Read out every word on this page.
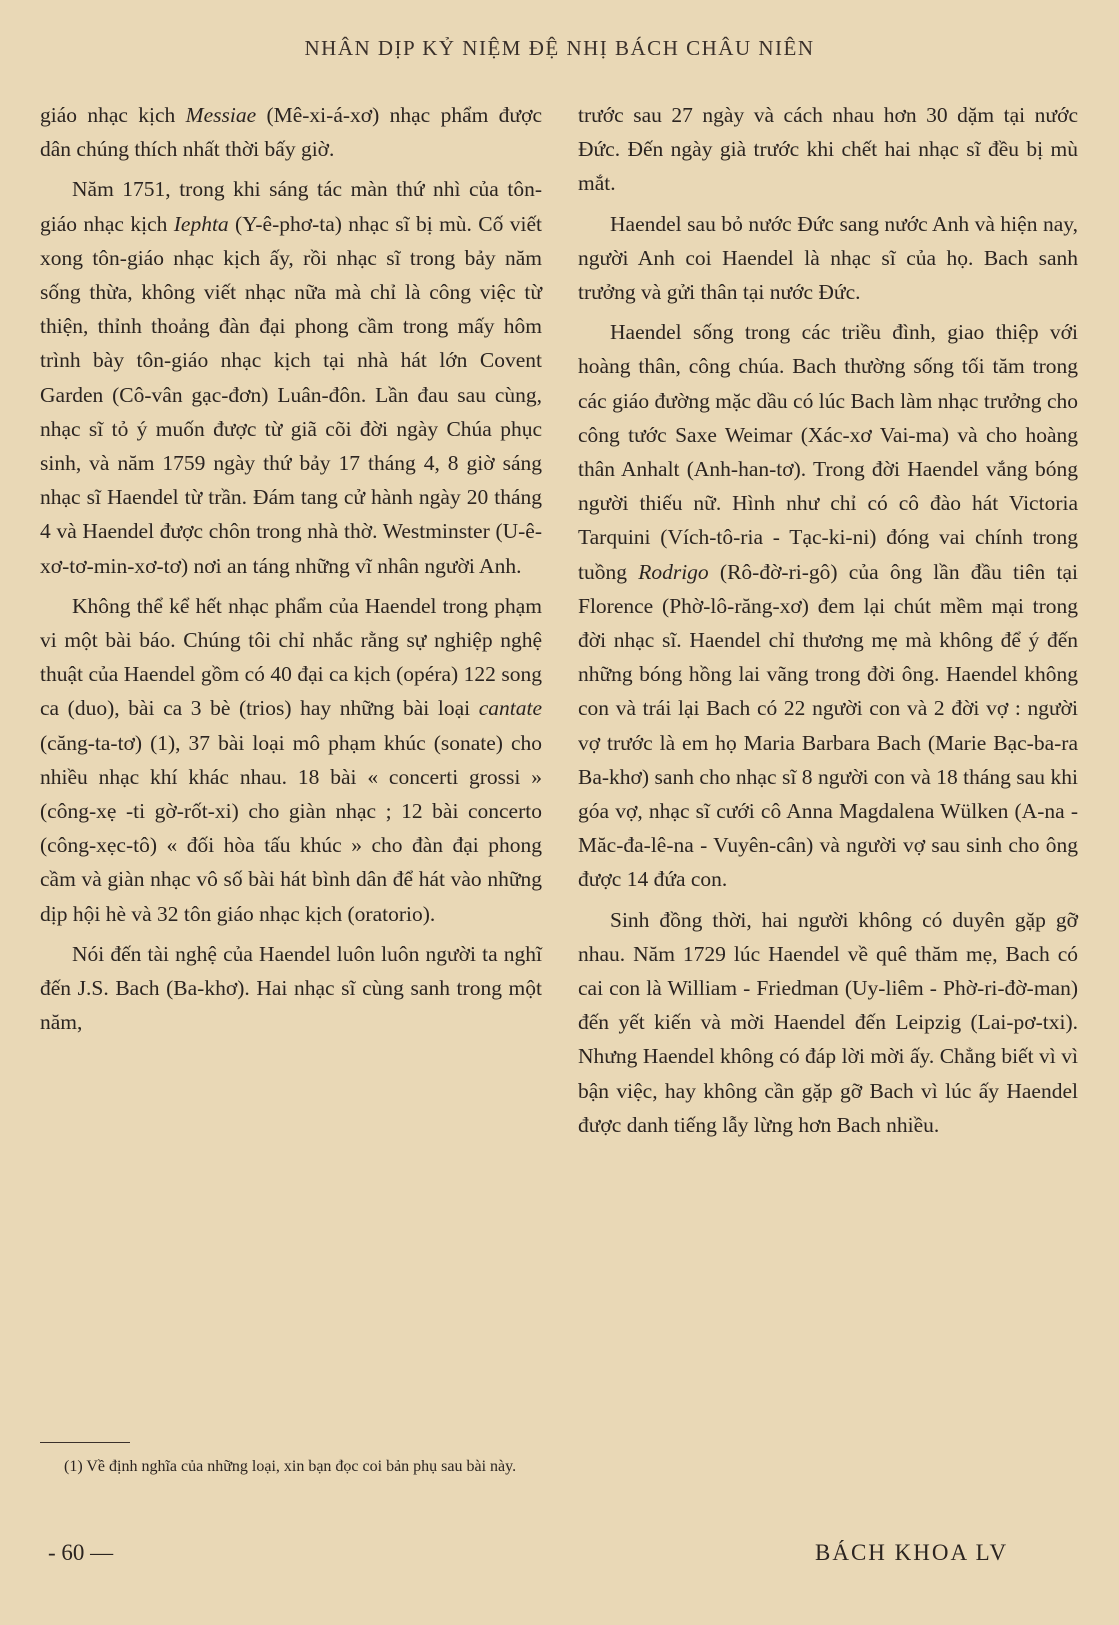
NHÂN DỊP KỶ NIỆM ĐỆ NHỊ BÁCH CHÂU NIÊN

giáo nhạc kịch Messiae (Mê-xi-á-xơ) nhạc phẩm được dân chúng thích nhất thời bấy giờ.

Năm 1751, trong khi sáng tác màn thứ nhì của tôn-giáo nhạc kịch Iephta (Y-ê-phơ-ta) nhạc sĩ bị mù. Cố viết xong tôn-giáo nhạc kịch ấy, rồi nhạc sĩ trong bảy năm sống thừa, không viết nhạc nữa mà chỉ là công việc từ thiện, thỉnh thoảng đàn đại phong cầm trong mấy hôm trình bày tôn-giáo nhạc kịch tại nhà hát lớn Covent Garden (Cô-vân gạc-đơn) Luân-đôn. Lần đau sau cùng, nhạc sĩ tỏ ý muốn được từ giã cõi đời ngày Chúa phục sinh, và năm 1759 ngày thứ bảy 17 tháng 4, 8 giờ sáng nhạc sĩ Haendel từ trần. Đám tang cử hành ngày 20 tháng 4 và Haendel được chôn trong nhà thờ. Westminster (U-ê-xơ-tơ-min-xơ-tơ) nơi an táng những vĩ nhân người Anh.

Không thể kể hết nhạc phẩm của Haendel trong phạm vi một bài báo. Chúng tôi chỉ nhắc rằng sự nghiệp nghệ thuật của Haendel gồm có 40 đại ca kịch (opéra) 122 song ca (duo), bài ca 3 bè (trios) hay những bài loại cantate (căng-ta-tơ) (1), 37 bài loại mô phạm khúc (sonate) cho nhiều nhạc khí khác nhau. 18 bài « concerti grossi » (công-xẹ -ti gờ-rốt-xi) cho giàn nhạc ; 12 bài concerto (công-xẹc-tô) « đối hòa tấu khúc » cho đàn đại phong cầm và giàn nhạc vô số bài hát bình dân để hát vào những dịp hội hè và 32 tôn giáo nhạc kịch (oratorio).

Nói đến tài nghệ của Haendel luôn luôn người ta nghĩ đến J.S. Bach (Ba-khơ). Hai nhạc sĩ cùng sanh trong một năm,

trước sau 27 ngày và cách nhau hơn 30 dặm tại nước Đức. Đến ngày già trước khi chết hai nhạc sĩ đều bị mù mắt.

Haendel sau bỏ nước Đức sang nước Anh và hiện nay, người Anh coi Haendel là nhạc sĩ của họ. Bach sanh trưởng và gửi thân tại nước Đức.

Haendel sống trong các triều đình, giao thiệp với hoàng thân, công chúa. Bach thường sống tối tăm trong các giáo đường mặc dầu có lúc Bach làm nhạc trưởng cho công tước Saxe Weimar (Xác-xơ Vai-ma) và cho hoàng thân Anhalt (Anh-han-tơ). Trong đời Haendel vắng bóng người thiếu nữ. Hình như chỉ có cô đào hát Victoria Tarquini (Vích-tô-ria - Tạc-ki-ni) đóng vai chính trong tuồng Rodrigo (Rô-đờ-ri-gô) của ông lần đầu tiên tại Florence (Phờ-lô-răng-xơ) đem lại chút mềm mại trong đời nhạc sĩ. Haendel chỉ thương mẹ mà không để ý đến những bóng hồng lai vãng trong đời ông. Haendel không con và trái lại Bach có 22 người con và 2 đời vợ : người vợ trước là em họ Maria Barbara Bach (Marie Bạc-ba-ra Ba-khơ) sanh cho nhạc sĩ 8 người con và 18 tháng sau khi góa vợ, nhạc sĩ cưới cô Anna Magdalena Wülken (A-na - Măc-đa-lê-na - Vuyên-cân) và người vợ sau sinh cho ông được 14 đứa con.

Sinh đồng thời, hai người không có duyên gặp gỡ nhau. Năm 1729 lúc Haendel về quê thăm mẹ, Bach có cai con là William - Friedman (Uy-liêm - Phờ-ri-đờ-man) đến yết kiến và mời Haendel đến Leipzig (Lai-pơ-txi). Nhưng Haendel không có đáp lời mời ấy. Chẳng biết vì vì bận việc, hay không cần gặp gỡ Bach vì lúc ấy Haendel được danh tiếng lẫy lừng hơn Bach nhiều.

(1) Về định nghĩa của những loại, xin bạn đọc coi bản phụ sau bài này.

- 60 —	BÁCH KHOA LV
